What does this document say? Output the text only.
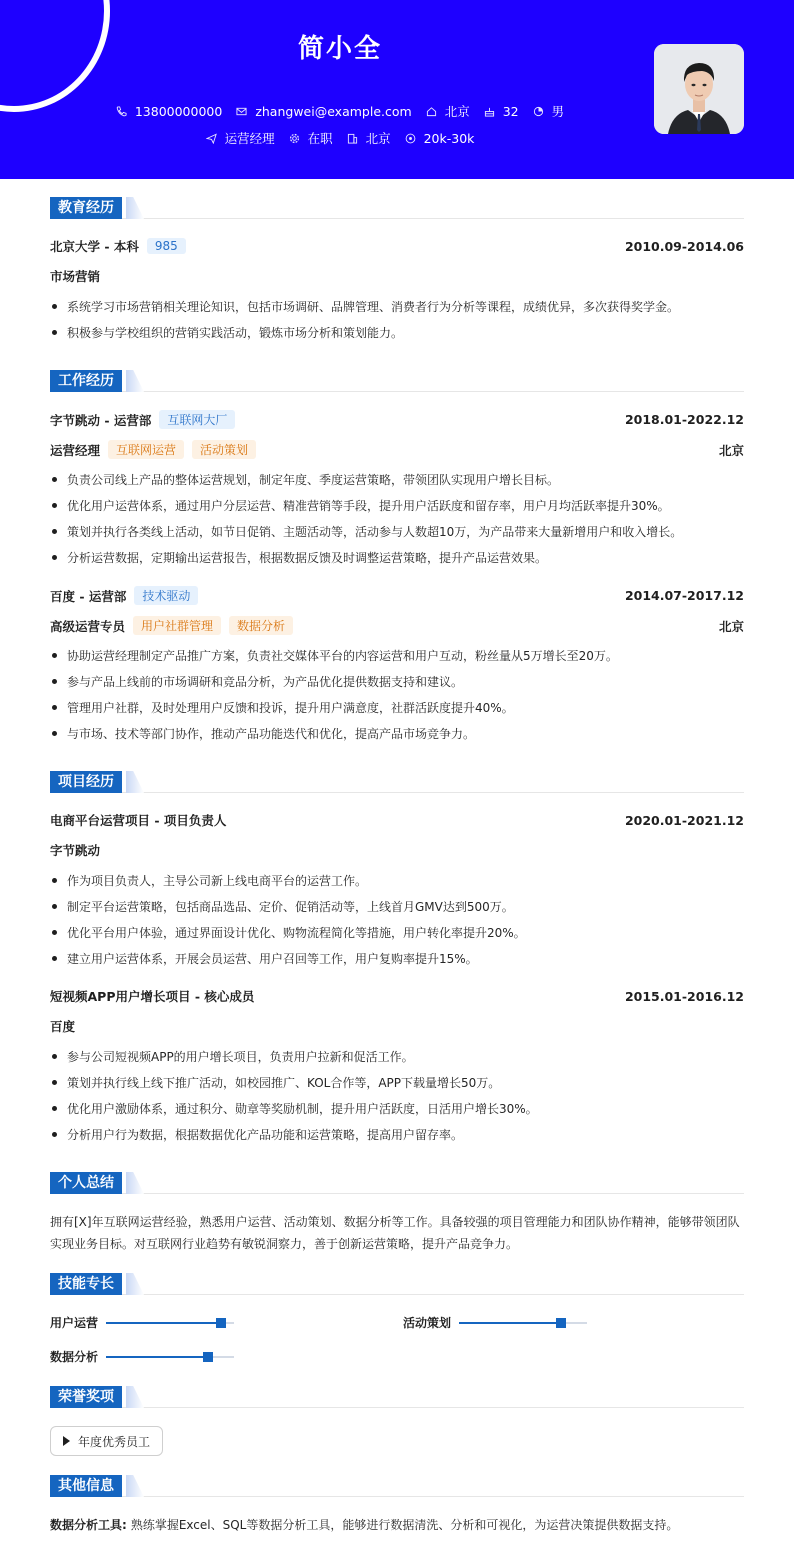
简小全
13800000000	zhangwei@example.com	北京	32	男
运营经理	在职	北京	20k-30k
教育经历
北京大学 - 本科	985	2010.09-2014.06
市场营销
系统学习市场营销相关理论知识，包括市场调研、品牌管理、消费者行为分析等课程，成绩优异，多次获得奖学金。
积极参与学校组织的营销实践活动，锻炼市场分析和策划能力。
工作经历
字节跳动 - 运营部	互联网大厂	2018.01-2022.12
运营经理	互联网运营	活动策划	北京
负责公司线上产品的整体运营规划，制定年度、季度运营策略，带领团队实现用户增长目标。
优化用户运营体系，通过用户分层运营、精准营销等手段，提升用户活跃度和留存率，用户月均活跃率提升30%。
策划并执行各类线上活动，如节日促销、主题活动等，活动参与人数超10万，为产品带来大量新增用户和收入增长。
分析运营数据，定期输出运营报告，根据数据反馈及时调整运营策略，提升产品运营效果。
百度 - 运营部	技术驱动	2014.07-2017.12
高级运营专员	用户社群管理	数据分析	北京
协助运营经理制定产品推广方案，负责社交媒体平台的内容运营和用户互动，粉丝量从5万增长至20万。
参与产品上线前的市场调研和竞品分析，为产品优化提供数据支持和建议。
管理用户社群，及时处理用户反馈和投诉，提升用户满意度，社群活跃度提升40%。
与市场、技术等部门协作，推动产品功能迭代和优化，提高产品市场竞争力。
项目经历
电商平台运营项目 - 项目负责人	2020.01-2021.12
字节跳动
作为项目负责人，主导公司新上线电商平台的运营工作。
制定平台运营策略，包括商品选品、定价、促销活动等，上线首月GMV达到500万。
优化平台用户体验，通过界面设计优化、购物流程简化等措施，用户转化率提升20%。
建立用户运营体系，开展会员运营、用户召回等工作，用户复购率提升15%。
短视频APP用户增长项目 - 核心成员	2015.01-2016.12
百度
参与公司短视频APP的用户增长项目，负责用户拉新和促活工作。
策划并执行线上线下推广活动，如校园推广、KOL合作等，APP下载量增长50万。
优化用户激励体系，通过积分、勋章等奖励机制，提升用户活跃度，日活用户增长30%。
分析用户行为数据，根据数据优化产品功能和运营策略，提高用户留存率。
个人总结
拥有[X]年互联网运营经验，熟悉用户运营、活动策划、数据分析等工作。具备较强的项目管理能力和团队协作精神，能够带领团队
实现业务目标。对互联网行业趋势有敏锐洞察力，善于创新运营策略，提升产品竞争力。
技能专长
用户运营	活动策划
数据分析
荣誉奖项
年度优秀员工
其他信息
数据分析工具: 熟练掌握Excel、SQL等数据分析工具，能够进行数据清洗、分析和可视化，为运营决策提供数据支持。
